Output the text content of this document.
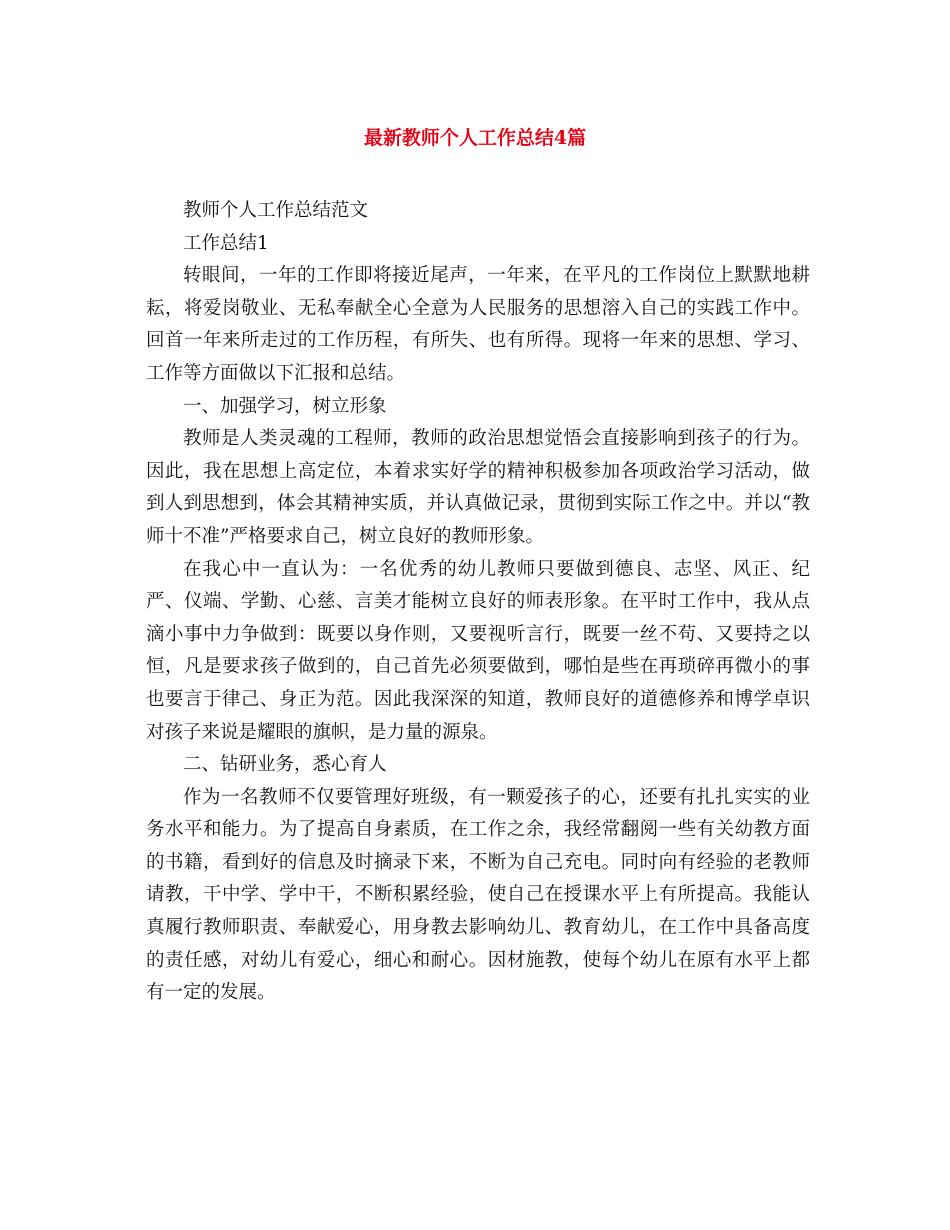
最新教师个人工作总结4篇

教师个人工作总结范文

工作总结1

转眼间，一年的工作即将接近尾声，一年来，在平凡的工作岗位上默默地耕耘，将爱岗敬业、无私奉献全心全意为人民服务的思想溶入自己的实践工作中。回首一年来所走过的工作历程，有所失、也有所得。现将一年来的思想、学习、工作等方面做以下汇报和总结。

一、加强学习，树立形象

教师是人类灵魂的工程师，教师的政治思想觉悟会直接影响到孩子的行为。因此，我在思想上高定位，本着求实好学的精神积极参加各项政治学习活动，做到人到思想到，体会其精神实质，并认真做记录，贯彻到实际工作之中。并以“教师十不准”严格要求自己，树立良好的教师形象。

在我心中一直认为：一名优秀的幼儿教师只要做到德良、志坚、风正、纪严、仪端、学勤、心慈、言美才能树立良好的师表形象。在平时工作中，我从点滴小事中力争做到：既要以身作则，又要视听言行，既要一丝不苟、又要持之以恒，凡是要求孩子做到的，自己首先必须要做到，哪怕是些在再琐碎再微小的事也要言于律己、身正为范。因此我深深的知道，教师良好的道德修养和博学卓识对孩子来说是耀眼的旗帜，是力量的源泉。

二、钻研业务，悉心育人

作为一名教师不仅要管理好班级，有一颗爱孩子的心，还要有扎扎实实的业务水平和能力。为了提高自身素质，在工作之余，我经常翻阅一些有关幼教方面的书籍，看到好的信息及时摘录下来，不断为自己充电。同时向有经验的老教师请教，干中学、学中干，不断积累经验，使自己在授课水平上有所提高。我能认真履行教师职责、奉献爱心，用身教去影响幼儿、教育幼儿，在工作中具备高度的责任感，对幼儿有爱心，细心和耐心。因材施教，使每个幼儿在原有水平上都有一定的发展。
